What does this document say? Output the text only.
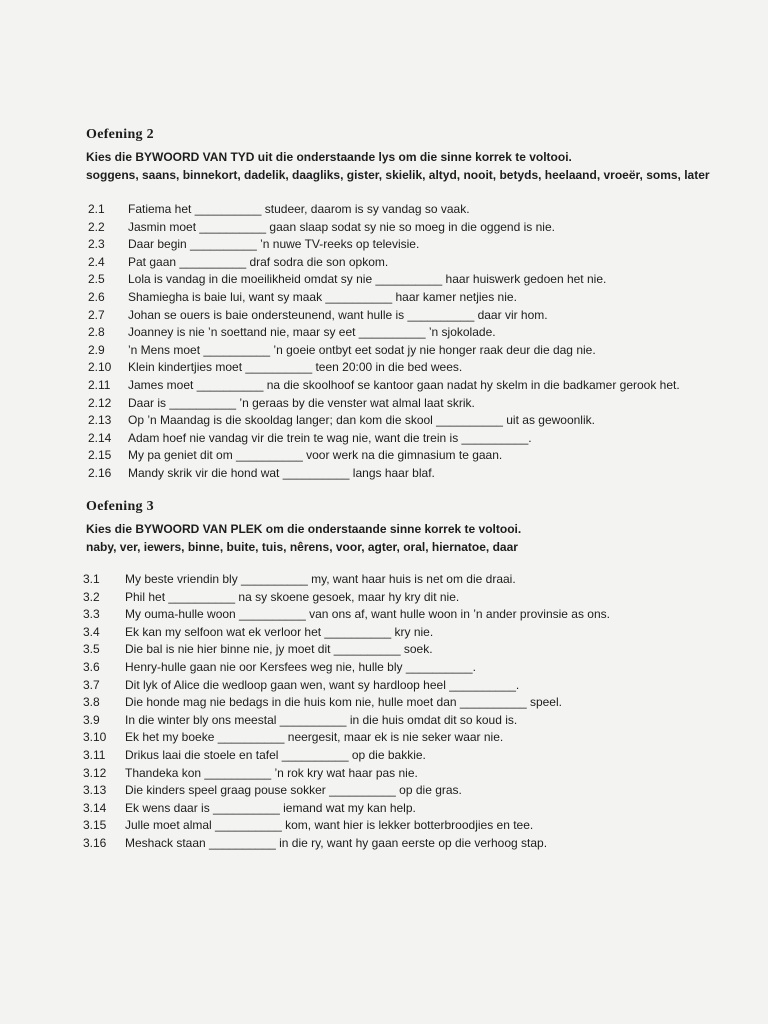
Oefening 2
Kies die BYWOORD VAN TYD uit die onderstaande lys om die sinne korrek te voltooi.
soggens, saans, binnekort, dadelik, daagliks, gister, skielik, altyd, nooit, betyds, heelaand, vroeër, soms, later
2.1 Fatiema het __________ studeer, daarom is sy vandag so vaak.
2.2 Jasmin moet __________ gaan slaap sodat sy nie so moeg in die oggend is nie.
2.3 Daar begin __________ ’n nuwe TV-reeks op televisie.
2.4 Pat gaan __________ draf sodra die son opkom.
2.5 Lola is vandag in die moeilikheid omdat sy nie __________ haar huiswerk gedoen het nie.
2.6 Shamiegha is baie lui, want sy maak __________ haar kamer netjies nie.
2.7 Johan se ouers is baie ondersteunend, want hulle is __________ daar vir hom.
2.8 Joanney is nie ’n soettand nie, maar sy eet __________ ’n sjokolade.
2.9 ’n Mens moet __________ ’n goeie ontbyt eet sodat jy nie honger raak deur die dag nie.
2.10 Klein kindertjies moet __________ teen 20:00 in die bed wees.
2.11 James moet __________ na die skoolhoof se kantoor gaan nadat hy skelm in die badkamer gerook het.
2.12 Daar is __________ ’n geraas by die venster wat almal laat skrik.
2.13 Op ’n Maandag is die skooldag langer; dan kom die skool __________ uit as gewoonlik.
2.14 Adam hoef nie vandag vir die trein te wag nie, want die trein is __________.
2.15 My pa geniet dit om __________ voor werk na die gimnasium te gaan.
2.16 Mandy skrik vir die hond wat __________ langs haar blaf.
Oefening 3
Kies die BYWOORD VAN PLEK om die onderstaande sinne korrek te voltooi.
naby, ver, iewers, binne, buite, tuis, nêrens, voor, agter, oral, hiernatoe, daar
3.1 My beste vriendin bly __________ my, want haar huis is net om die draai.
3.2 Phil het __________ na sy skoene gesoek, maar hy kry dit nie.
3.3 My ouma-hulle woon __________ van ons af, want hulle woon in ’n ander provinsie as ons.
3.4 Ek kan my selfoon wat ek verloor het __________ kry nie.
3.5 Die bal is nie hier binne nie, jy moet dit __________ soek.
3.6 Henry-hulle gaan nie oor Kersfees weg nie, hulle bly __________.
3.7 Dit lyk of Alice die wedloop gaan wen, want sy hardloop heel __________.
3.8 Die honde mag nie bedags in die huis kom nie, hulle moet dan __________ speel.
3.9 In die winter bly ons meestal __________ in die huis omdat dit so koud is.
3.10 Ek het my boeke __________ neergesit, maar ek is nie seker waar nie.
3.11 Drikus laai die stoele en tafel __________ op die bakkie.
3.12 Thandeka kon __________ ’n rok kry wat haar pas nie.
3.13 Die kinders speel graag pouse sokker __________ op die gras.
3.14 Ek wens daar is __________ iemand wat my kan help.
3.15 Julle moet almal __________ kom, want hier is lekker botterbroodjies en tee.
3.16 Meshack staan __________ in die ry, want hy gaan eerste op die verhoog stap.
